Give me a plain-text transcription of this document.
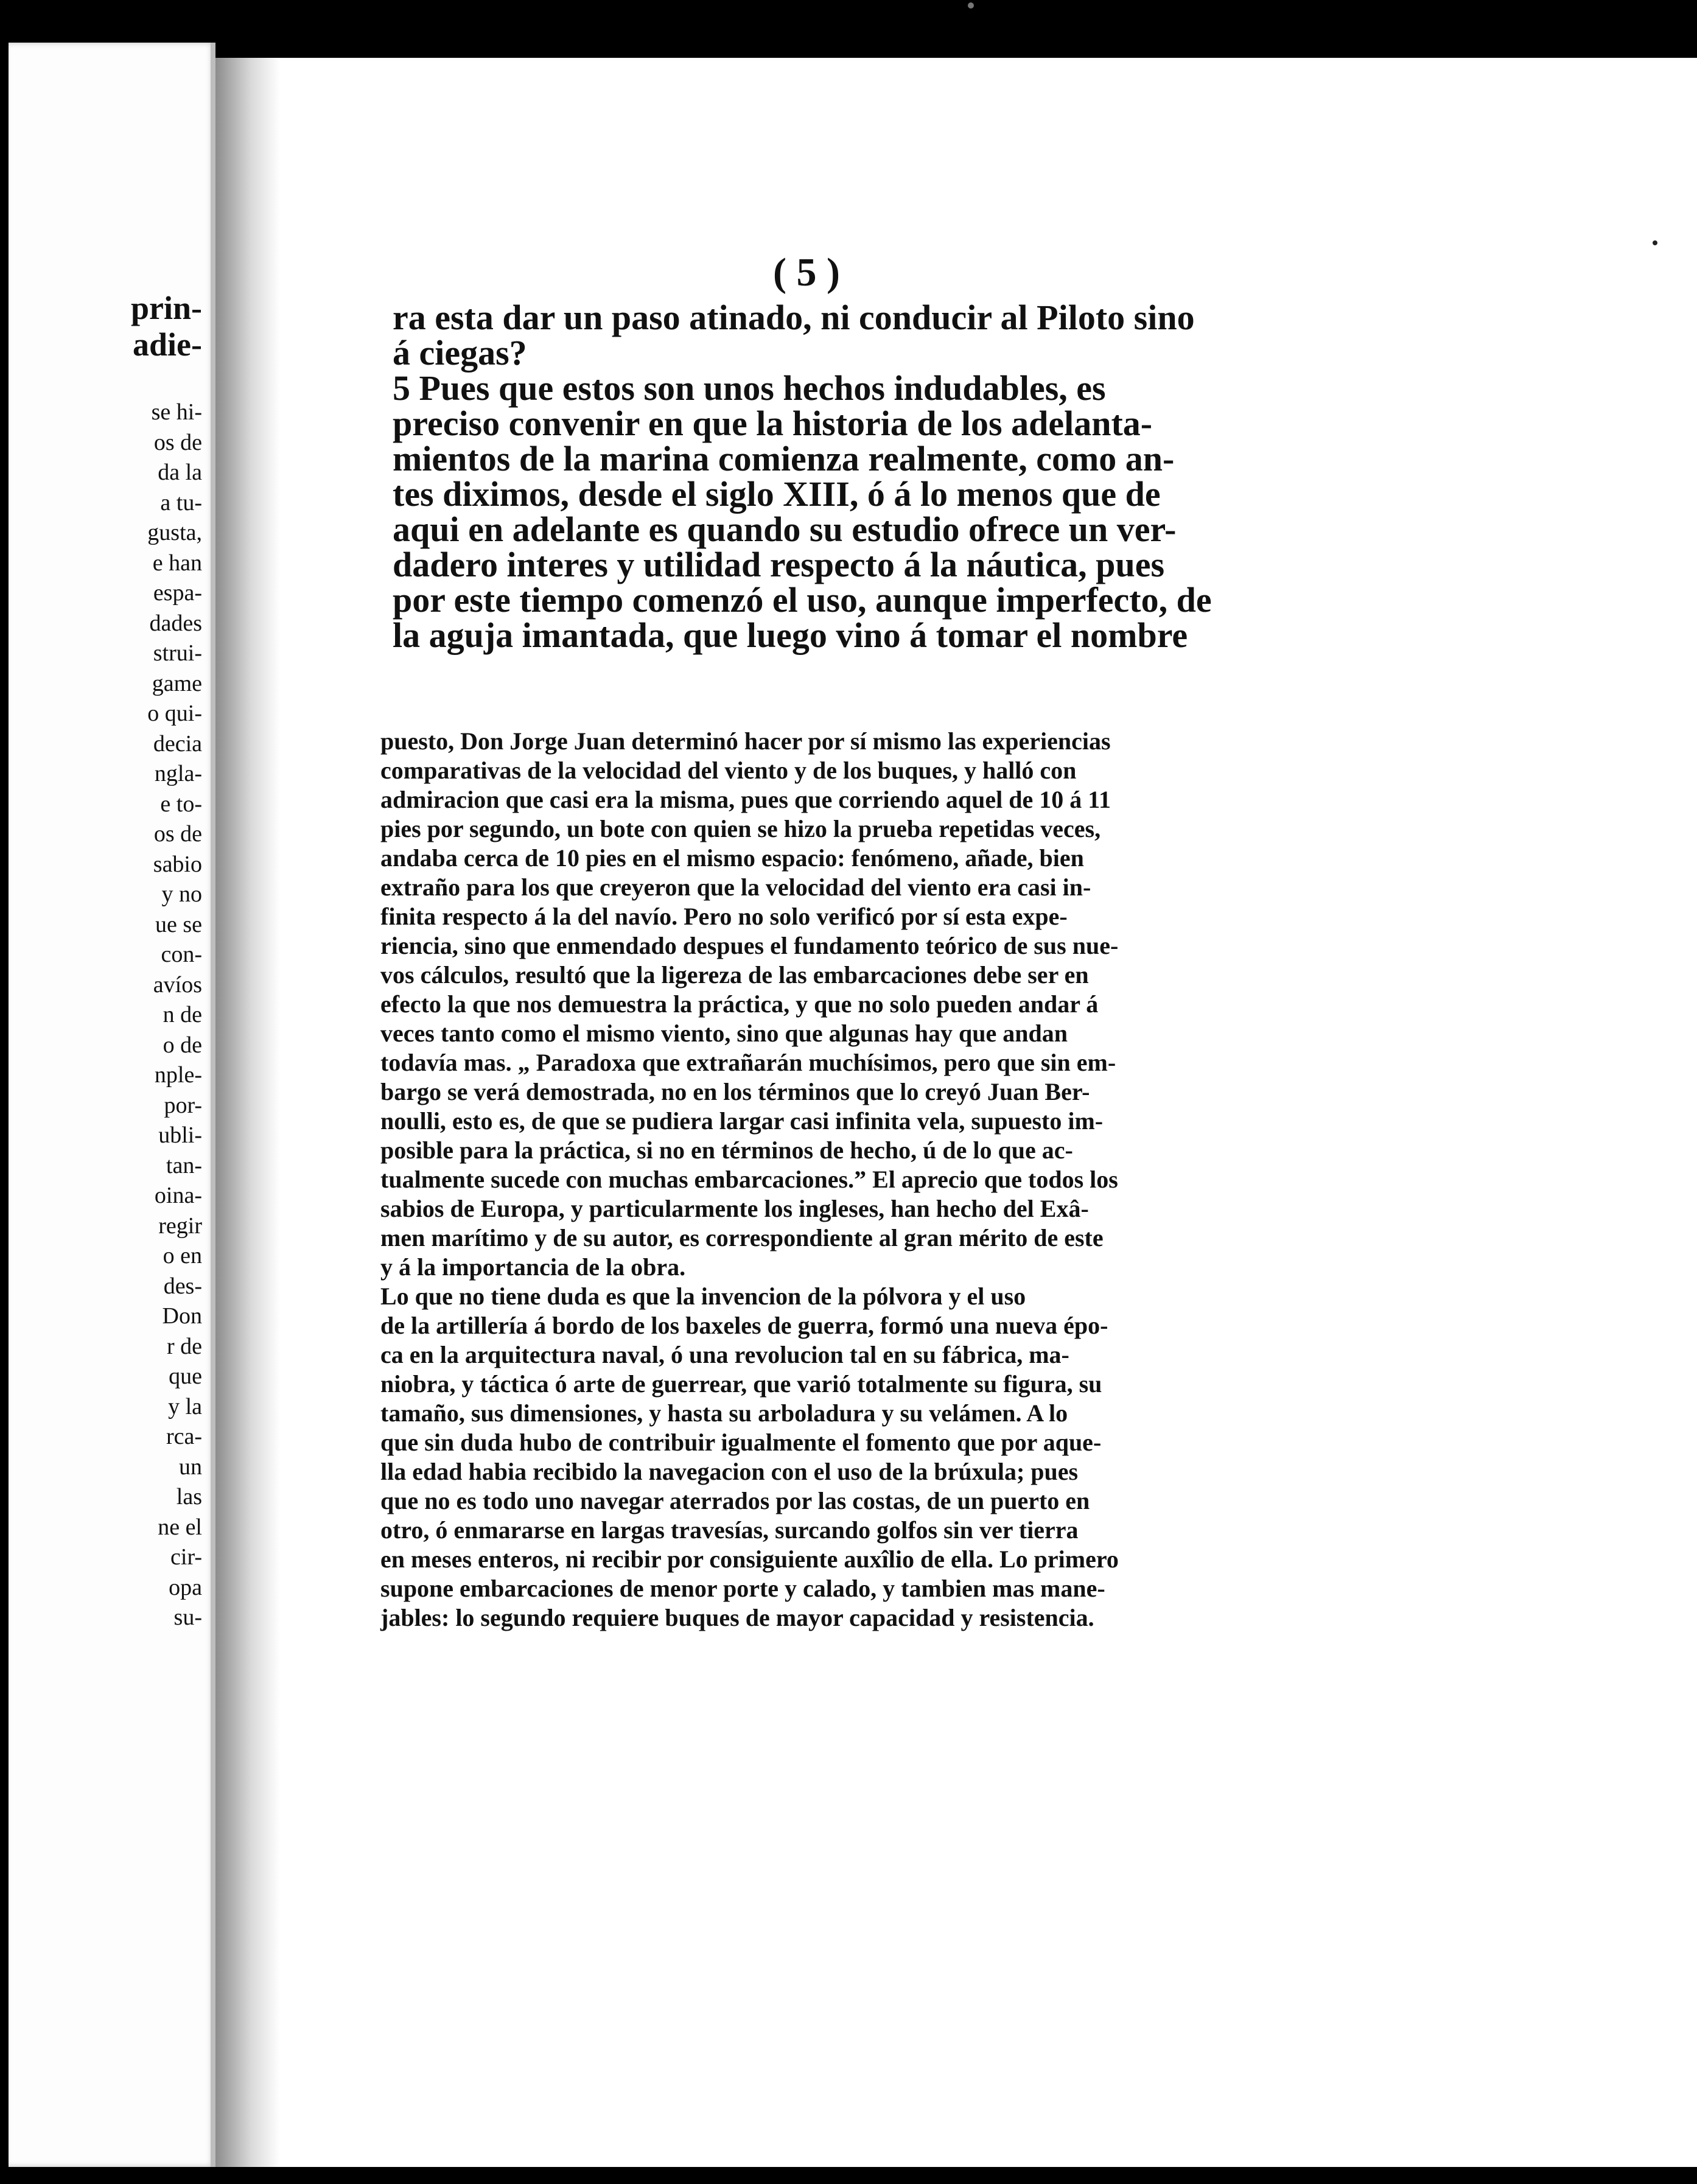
prin-
adie-
se hi-
os de
da la
a tu-
gusta,
e han
espa-
dades
strui-
game
o qui-
decia
ngla-
e to-
os de
sabio
y no
ue se
con-
avíos
n de
o de
nple-
por-
ubli-
tan-
oina-
regir
o en
des-
Don
r de
que
y la
rca-
un
las
ne el
cir-
opa
su-
( 5 )
ra esta dar un paso atinado, ni conducir al Piloto sino
á ciegas?
5 Pues que estos son unos hechos indudables, es
preciso convenir en que la historia de los adelanta-
mientos de la marina comienza realmente, como an-
tes diximos, desde el siglo XIII, ó á lo menos que de
aqui en adelante es quando su estudio ofrece un ver-
dadero interes y utilidad respecto á la náutica, pues
por este tiempo comenzó el uso, aunque imperfecto, de
la aguja imantada, que luego vino á tomar el nombre
puesto, Don Jorge Juan determinó hacer por sí mismo las experiencias
comparativas de la velocidad del viento y de los buques, y halló con
admiracion que casi era la misma, pues que corriendo aquel de 10 á 11
pies por segundo, un bote con quien se hizo la prueba repetidas veces,
andaba cerca de 10 pies en el mismo espacio: fenómeno, añade, bien
extraño para los que creyeron que la velocidad del viento era casi in-
finita respecto á la del navío. Pero no solo verificó por sí esta expe-
riencia, sino que enmendado despues el fundamento teórico de sus nue-
vos cálculos, resultó que la ligereza de las embarcaciones debe ser en
efecto la que nos demuestra la práctica, y que no solo pueden andar á
veces tanto como el mismo viento, sino que algunas hay que andan
todavía mas. „ Paradoxa que extrañarán muchísimos, pero que sin em-
bargo se verá demostrada, no en los términos que lo creyó Juan Ber-
noulli, esto es, de que se pudiera largar casi infinita vela, supuesto im-
posible para la práctica, si no en términos de hecho, ú de lo que ac-
tualmente sucede con muchas embarcaciones.” El aprecio que todos los
sabios de Europa, y particularmente los ingleses, han hecho del Exâ-
men marítimo y de su autor, es correspondiente al gran mérito de este
y á la importancia de la obra.
Lo que no tiene duda es que la invencion de la pólvora y el uso
de la artillería á bordo de los baxeles de guerra, formó una nueva épo-
ca en la arquitectura naval, ó una revolucion tal en su fábrica, ma-
niobra, y táctica ó arte de guerrear, que varió totalmente su figura, su
tamaño, sus dimensiones, y hasta su arboladura y su velámen. A lo
que sin duda hubo de contribuir igualmente el fomento que por aque-
lla edad habia recibido la navegacion con el uso de la brúxula; pues
que no es todo uno navegar aterrados por las costas, de un puerto en
otro, ó enmararse en largas travesías, surcando golfos sin ver tierra
en meses enteros, ni recibir por consiguiente auxîlio de ella. Lo primero
supone embarcaciones de menor porte y calado, y tambien mas mane-
jables: lo segundo requiere buques de mayor capacidad y resistencia.
